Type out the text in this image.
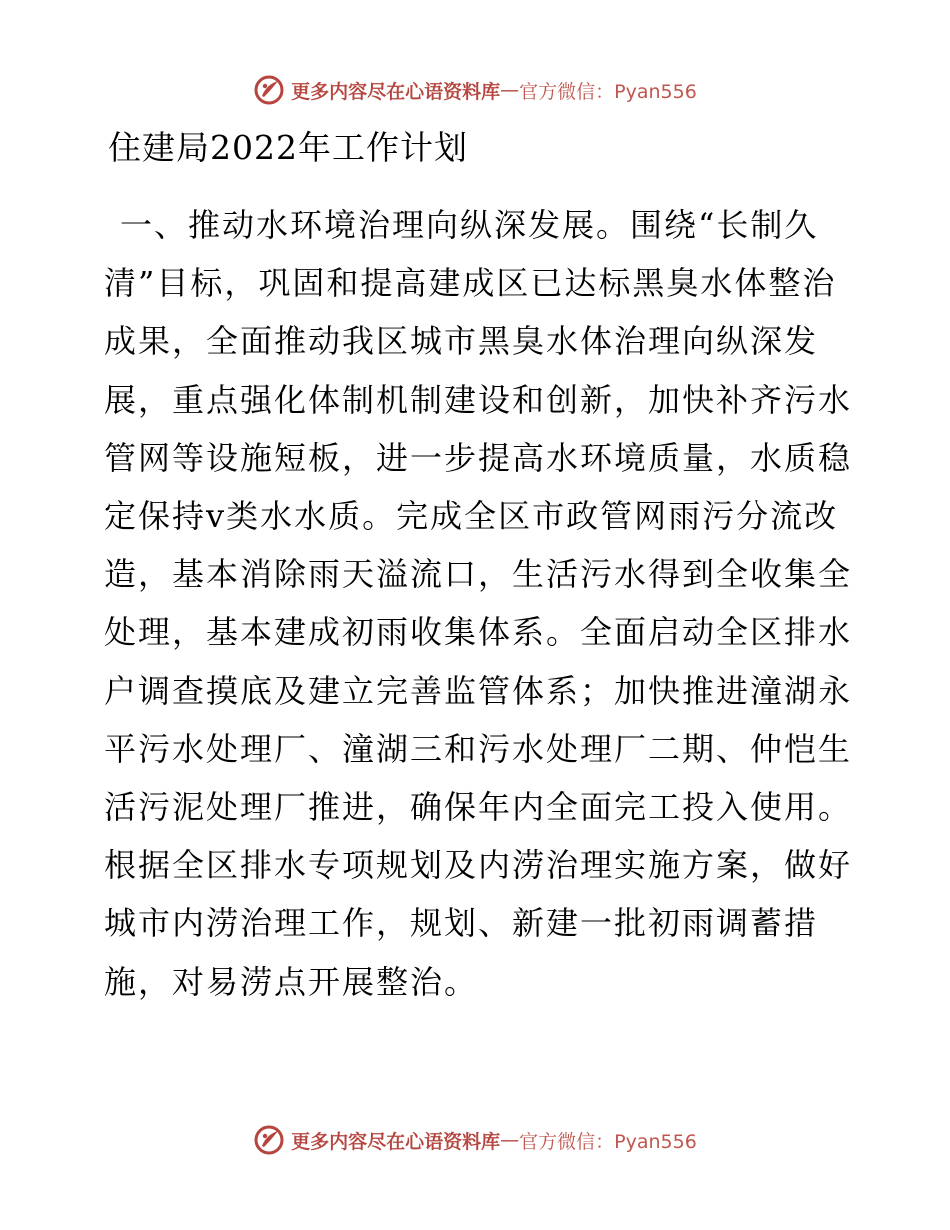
更多内容尽在心语资料库 — 官方微信：Pyan556
住建局2022年工作计划

一、推动水环境治理向纵深发展。围绕“长制久清”目标，巩固和提高建成区已达标黑臭水体整治成果，全面推动我区城市黑臭水体治理向纵深发展，重点强化体制机制建设和创新，加快补齐污水管网等设施短板，进一步提高水环境质量，水质稳定保持v类水水质。完成全区市政管网雨污分流改造，基本消除雨天溢流口，生活污水得到全收集全处理，基本建成初雨收集体系。全面启动全区排水户调查摸底及建立完善监管体系；加快推进潼湖永平污水处理厂、潼湖三和污水处理厂二期、仲恺生活污泥处理厂推进，确保年内全面完工投入使用。根据全区排水专项规划及内涝治理实施方案，做好城市内涝治理工作，规划、新建一批初雨调蓄措施，对易涝点开展整治。

更多内容尽在心语资料库 — 官方微信：Pyan556
